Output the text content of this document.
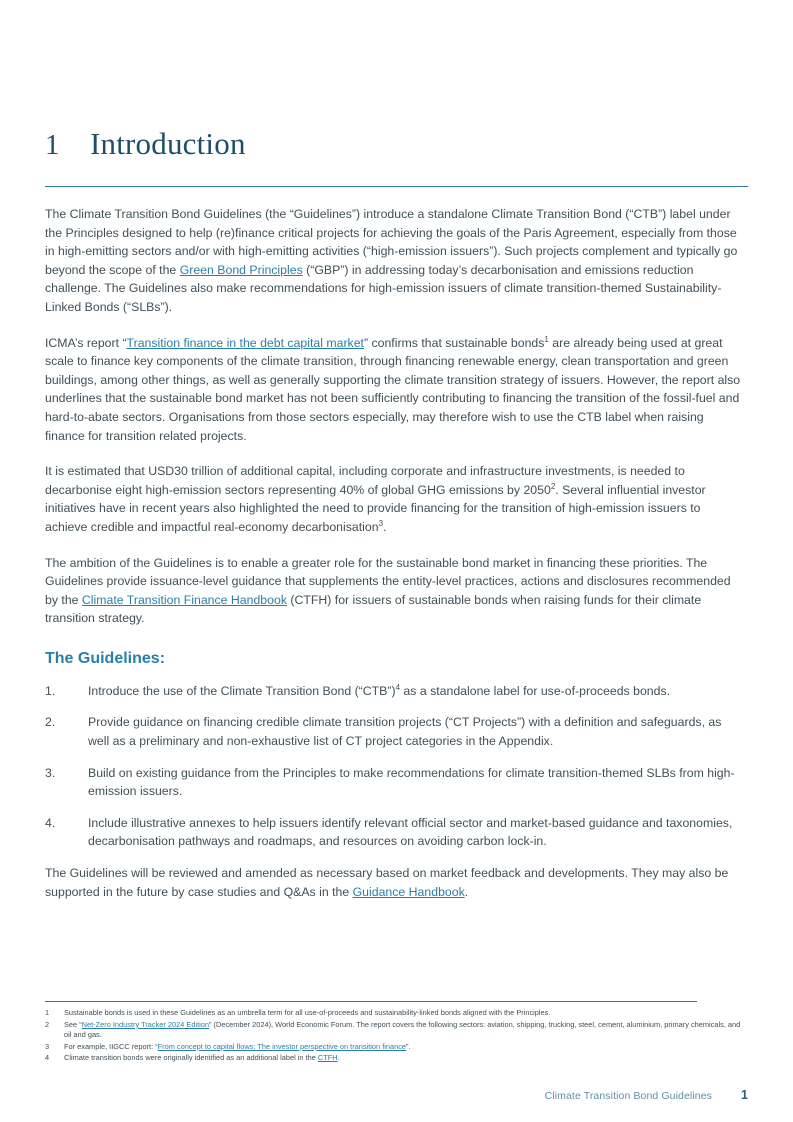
1 Introduction

The Climate Transition Bond Guidelines (the “Guidelines”) introduce a standalone Climate Transition Bond (“CTB”) label under the Principles designed to help (re)finance critical projects for achieving the goals of the Paris Agreement, especially from those in high-emitting sectors and/or with high-emitting activities (“high-emission issuers”). Such projects complement and typically go beyond the scope of the Green Bond Principles (“GBP”) in addressing today’s decarbonisation and emissions reduction challenge. The Guidelines also make recommendations for high-emission issuers of climate transition-themed Sustainability-Linked Bonds (“SLBs”).

ICMA’s report “Transition finance in the debt capital market” confirms that sustainable bonds$^1$ are already being used at great scale to finance key components of the climate transition, through financing renewable energy, clean transportation and green buildings, among other things, as well as generally supporting the climate transition strategy of issuers. However, the report also underlines that the sustainable bond market has not been sufficiently contributing to financing the transition of the fossil-fuel and hard-to-abate sectors. Organisations from those sectors especially, may therefore wish to use the CTB label when raising finance for transition related projects.

It is estimated that USD30 trillion of additional capital, including corporate and infrastructure investments, is needed to decarbonise eight high-emission sectors representing 40% of global GHG emissions by 2050$^2$. Several influential investor initiatives have in recent years also highlighted the need to provide financing for the transition of high-emission issuers to achieve credible and impactful real-economy decarbonisation$^3$.

The ambition of the Guidelines is to enable a greater role for the sustainable bond market in financing these priorities. The Guidelines provide issuance-level guidance that supplements the entity-level practices, actions and disclosures recommended by the Climate Transition Finance Handbook (CTFH) for issuers of sustainable bonds when raising funds for their climate transition strategy.

The Guidelines:
1.	Introduce the use of the Climate Transition Bond (“CTB”)$^4$ as a standalone label for use-of-proceeds bonds.
2.	Provide guidance on financing credible climate transition projects (“CT Projects”) with a definition and safeguards, as well as a preliminary and non-exhaustive list of CT project categories in the Appendix.
3.	Build on existing guidance from the Principles to make recommendations for climate transition-themed SLBs from high-emission issuers.
4.	Include illustrative annexes to help issuers identify relevant official sector and market-based guidance and taxonomies, decarbonisation pathways and roadmaps, and resources on avoiding carbon lock-in.

The Guidelines will be reviewed and amended as necessary based on market feedback and developments. They may also be supported in the future by case studies and Q&As in the Guidance Handbook.

1 Sustainable bonds is used in these Guidelines as an umbrella term for all use-of-proceeds and sustainability-linked bonds aligned with the Principles.
2 See “Net-Zero Industry Tracker 2024 Edition” (December 2024), World Economic Forum. The report covers the following sectors: aviation, shipping, trucking, steel, cement, aluminium, primary chemicals, and oil and gas.
3 For example, IIGCC report: “From concept to capital flows: The investor perspective on transition finance”.
4 Climate transition bonds were originally identified as an additional label in the CTFH.
Climate Transition Bond Guidelines	1
